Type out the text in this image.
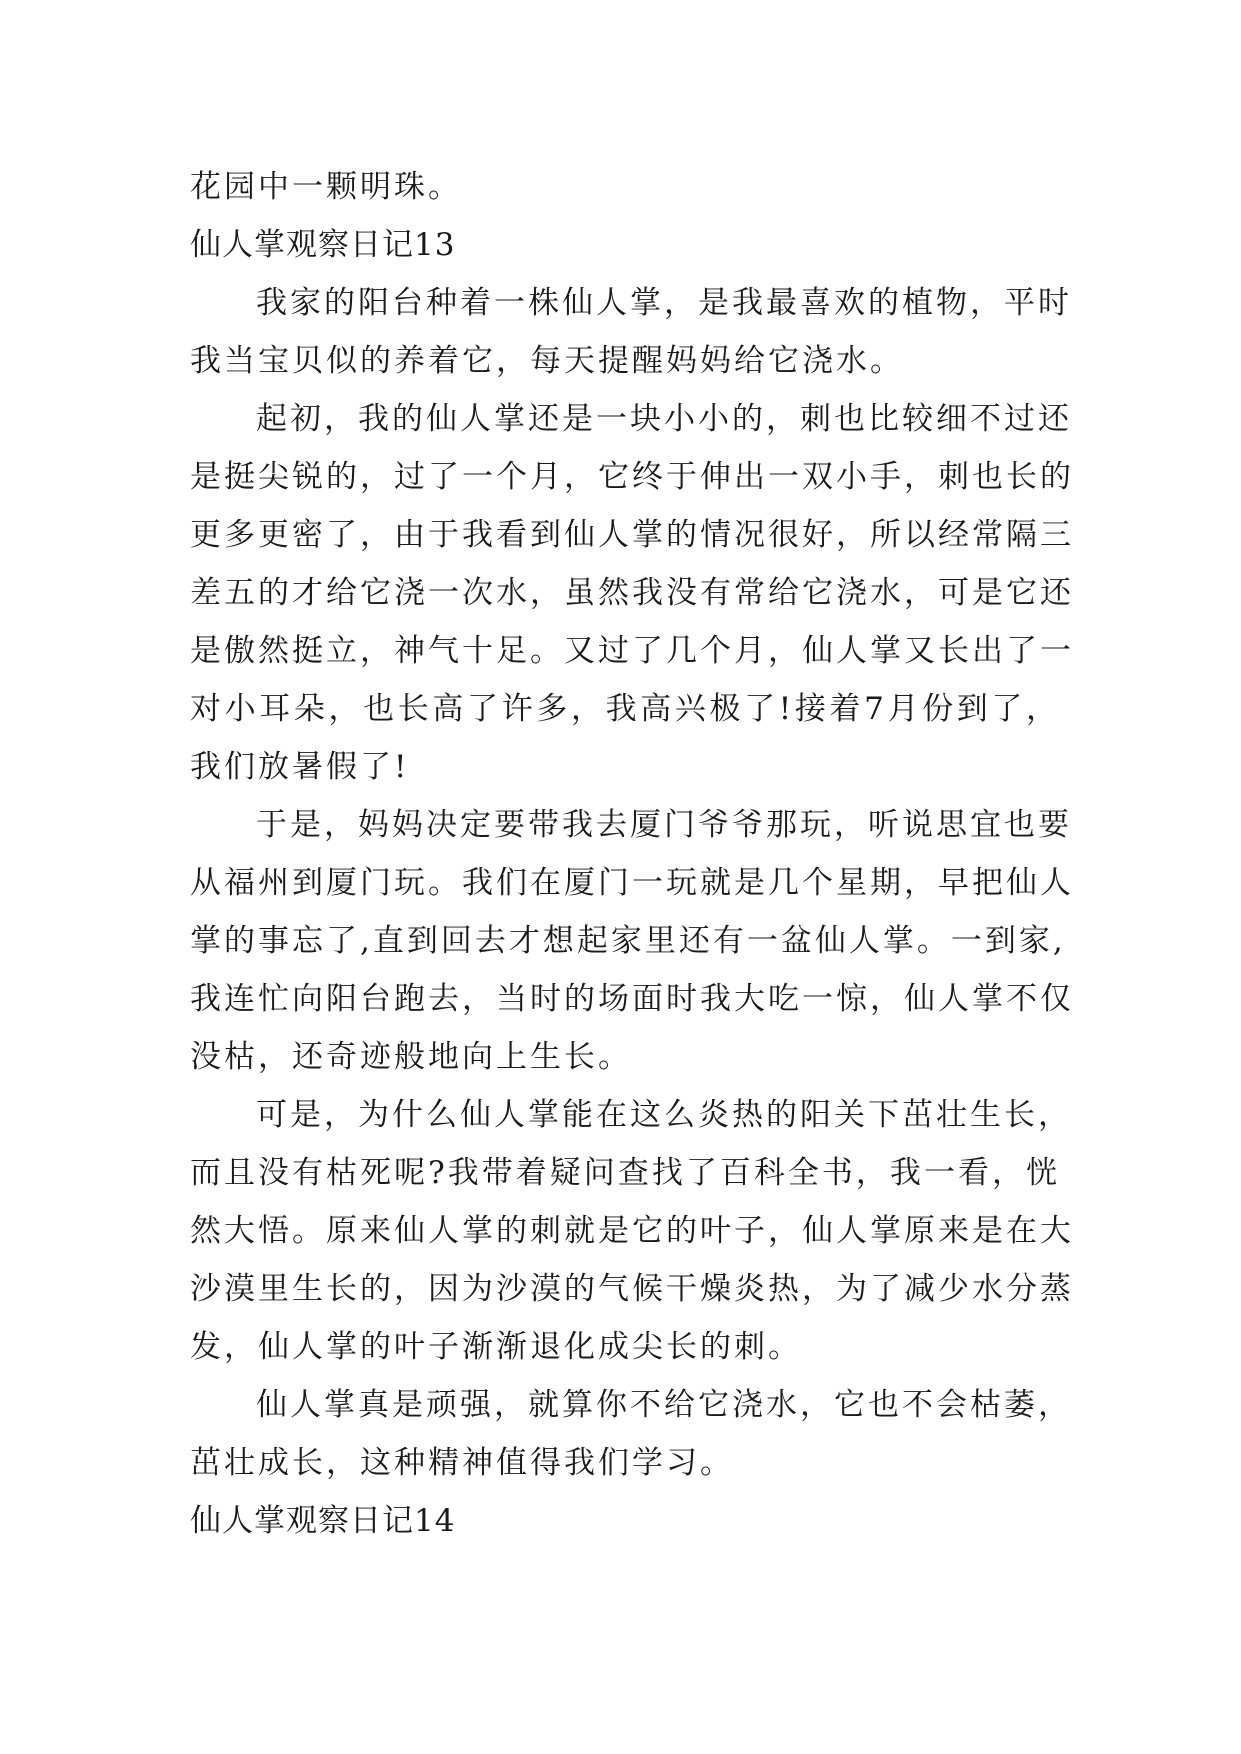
花园中一颗明珠。
仙人掌观察日记13
我家的阳台种着一株仙人掌，是我最喜欢的植物，平时
我当宝贝似的养着它，每天提醒妈妈给它浇水。
起初，我的仙人掌还是一块小小的，刺也比较细不过还
是挺尖锐的，过了一个月，它终于伸出一双小手，刺也长的
更多更密了，由于我看到仙人掌的情况很好，所以经常隔三
差五的才给它浇一次水，虽然我没有常给它浇水，可是它还
是傲然挺立，神气十足。又过了几个月，仙人掌又长出了一
对小耳朵，也长高了许多，我高兴极了!接着7月份到了，
我们放暑假了!
于是，妈妈决定要带我去厦门爷爷那玩，听说思宜也要
从福州到厦门玩。我们在厦门一玩就是几个星期，早把仙人
掌的事忘了,直到回去才想起家里还有一盆仙人掌。一到家,
我连忙向阳台跑去，当时的场面时我大吃一惊，仙人掌不仅
没枯，还奇迹般地向上生长。
可是，为什么仙人掌能在这么炎热的阳关下茁壮生长，
而且没有枯死呢?我带着疑问查找了百科全书，我一看，恍
然大悟。原来仙人掌的刺就是它的叶子，仙人掌原来是在大
沙漠里生长的，因为沙漠的气候干燥炎热，为了减少水分蒸
发，仙人掌的叶子渐渐退化成尖长的刺。
仙人掌真是顽强，就算你不给它浇水，它也不会枯萎，
茁壮成长，这种精神值得我们学习。
仙人掌观察日记14
